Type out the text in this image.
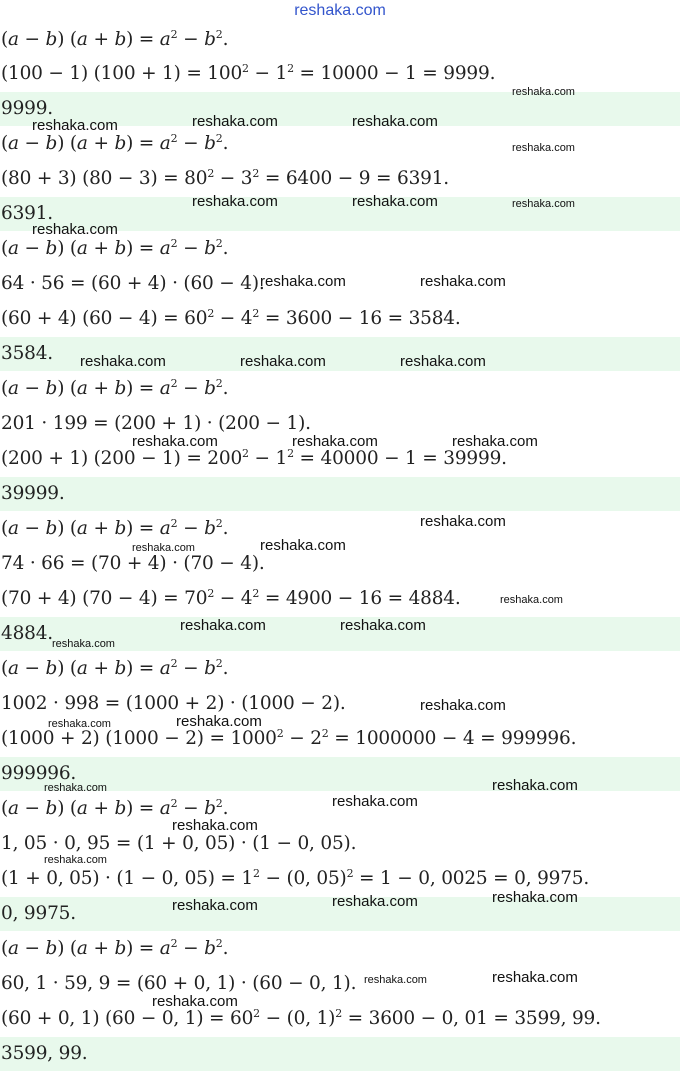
reshaka.com
(a − b) $(a + b) = a^2 - b^2$.
(100 − 1) $(100 + 1) = 100^2 - 1^2 = 10000 - 1 = 9999$.
9999.
(a − b) $(a + b) = a^2 - b^2$.
(80 + 3) $(80 - 3) = 80^2 - 3^2 = 6400 - 9 = 6391$.
6391.
(a − b) $(a + b) = a^2 - b^2$.
64 · 56 = (60 + 4) · (60 − 4).
(60 + 4) $(60 - 4) = 60^2 - 4^2 = 3600 - 16 = 3584$.
3584.
(a − b) $(a + b) = a^2 - b^2$.
201 · 199 = (200 + 1) · (200 − 1).
(200 + 1) $(200 - 1) = 200^2 - 1^2 = 40000 - 1 = 39999$.
39999.
(a − b) $(a + b) = a^2 - b^2$.
74 · 66 = (70 + 4) · (70 − 4).
(70 + 4) $(70 - 4) = 70^2 - 4^2 = 4900 - 16 = 4884$.
4884.
(a − b) $(a + b) = a^2 - b^2$.
1002 · 998 = (1000 + 2) · (1000 − 2).
(1000 + 2) $(1000 - 2) = 1000^2 - 2^2 = 1000000 - 4 = 999996$.
999996.
(a − b) $(a + b) = a^2 - b^2$.
1, 05 · 0, 95 = (1 + 0, 05) · (1 − 0, 05).
(1 + 0, 05) · (1 − 0, $05) = 1^2 - (0$, 05)$^2$ = 1 − 0, 0025 = 0, 9975.
0, 9975.
(a − b) $(a + b) = a^2 - b^2$.
60, 1 · 59, 9 = (60 + 0, 1) · (60 − 0, 1).
(60 + 0, 1) (60 − 0, $1) = 60^2 - (0$, 1)$^2$ = 3600 − 0, 01 = 3599, 99.
3599, 99.
reshaka.com	reshaka.com	reshaka.com
reshaka.com	reshaka.com
reshaka.com
reshaka.com	reshaka.com
reshaka.com	reshaka.com	reshaka.com
reshaka.com	reshaka.com	reshaka.com
reshaka.com
reshaka.com
reshaka.com	reshaka.com
reshaka.com
reshaka.com
reshaka.com
reshaka.com
reshaka.com
reshaka.com
reshaka.com	reshaka.com
reshaka.com
reshaka.com
reshaka.com
reshaka.com
reshaka.com
reshaka.com
reshaka.com
reshaka.com
reshaka.com
reshaka.com
reshaka.com
reshaka.com
